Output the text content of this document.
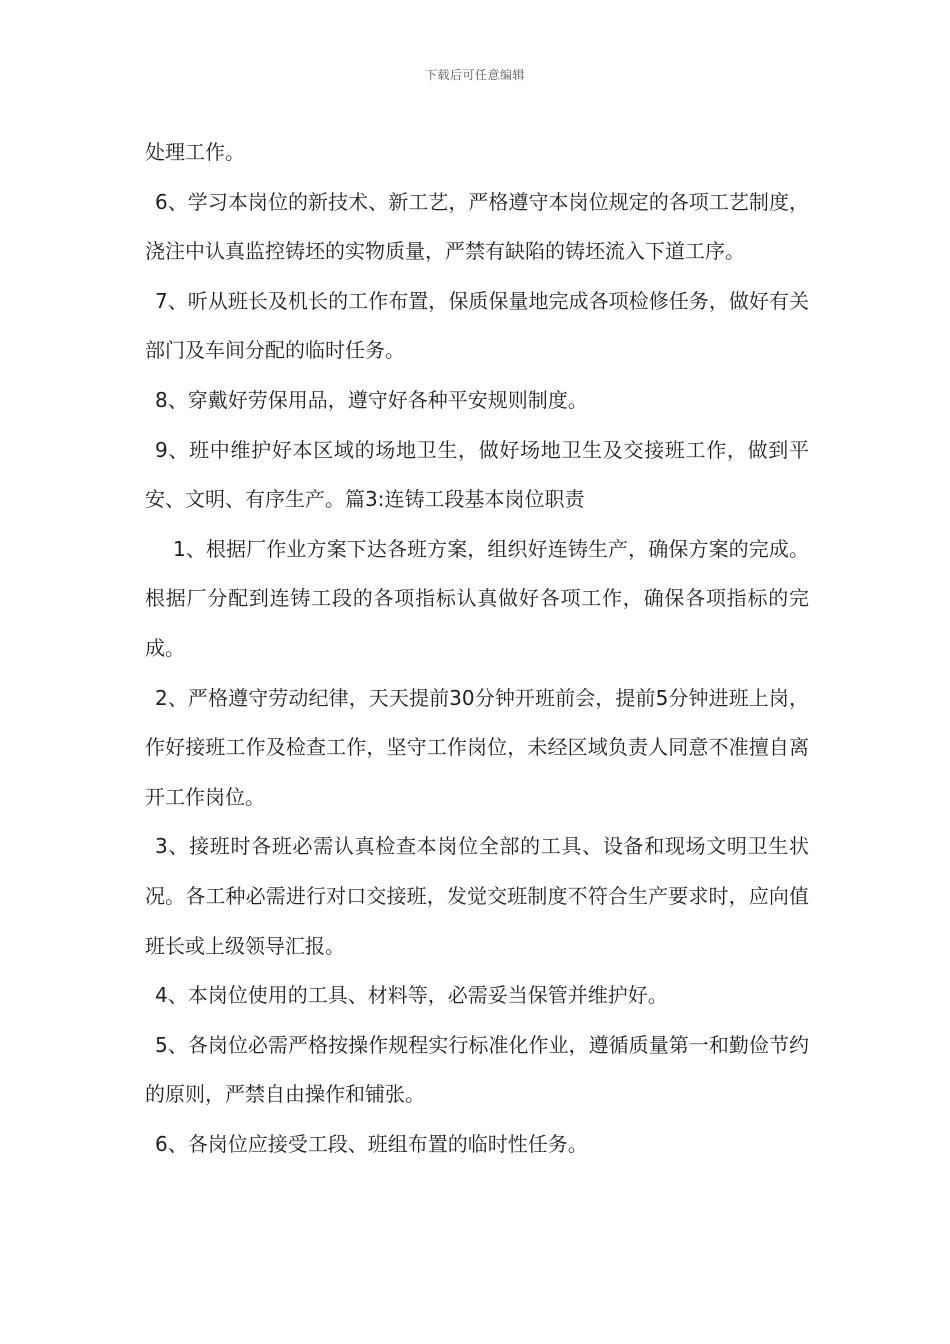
下载后可任意编辑

处理工作。

6、学习本岗位的新技术、新工艺，严格遵守本岗位规定的各项工艺制度，浇注中认真监控铸坯的实物质量，严禁有缺陷的铸坯流入下道工序。

7、听从班长及机长的工作布置，保质保量地完成各项检修任务，做好有关部门及车间分配的临时任务。

8、穿戴好劳保用品，遵守好各种平安规则制度。

9、班中维护好本区域的场地卫生，做好场地卫生及交接班工作，做到平安、文明、有序生产。篇3:连铸工段基本岗位职责

1、根据厂作业方案下达各班方案，组织好连铸生产，确保方案的完成。根据厂分配到连铸工段的各项指标认真做好各项工作，确保各项指标的完成。

2、严格遵守劳动纪律，天天提前30分钟开班前会，提前5分钟进班上岗，作好接班工作及检查工作，坚守工作岗位，未经区域负责人同意不准擅自离开工作岗位。

3、接班时各班必需认真检查本岗位全部的工具、设备和现场文明卫生状况。各工种必需进行对口交接班，发觉交班制度不符合生产要求时，应向值班长或上级领导汇报。

4、本岗位使用的工具、材料等，必需妥当保管并维护好。

5、各岗位必需严格按操作规程实行标准化作业，遵循质量第一和勤俭节约的原则，严禁自由操作和铺张。

6、各岗位应接受工段、班组布置的临时性任务。
